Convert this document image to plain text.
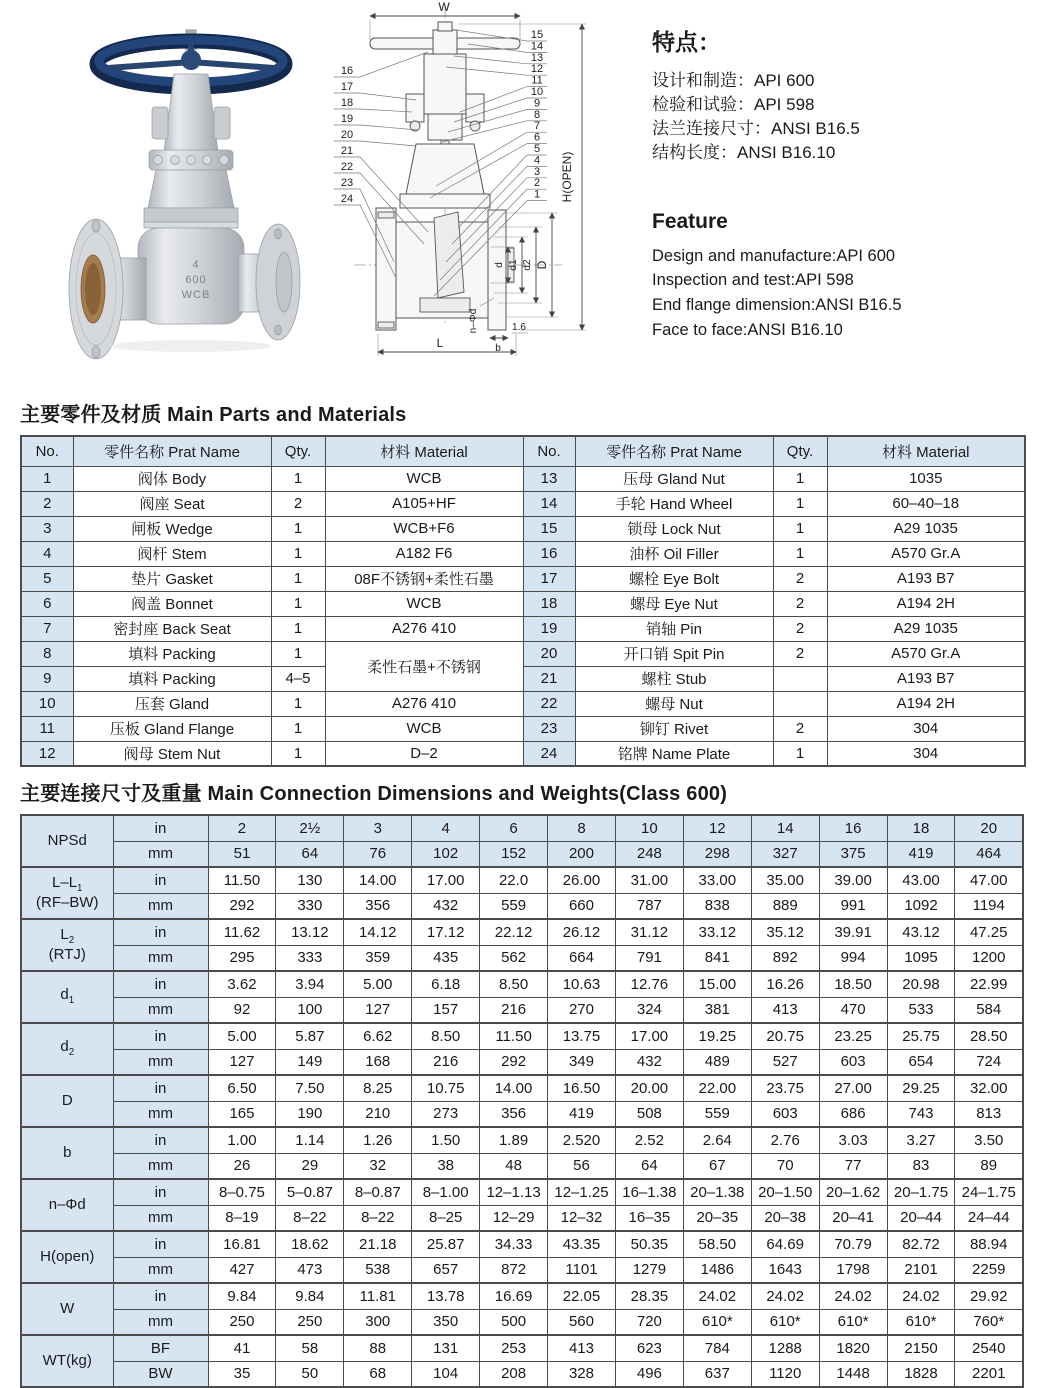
4
600
WCB
W
H(OPEN)
d d1 d2 D
L	b
1.6
n–Φd
15
14
13
12
11
10
9
8
7
6
5
4
3
2
1
16
17
18
19
20
21
22
23
24
特点：
设计和制造：API 600
检验和试验：API 598
法兰连接尺寸：ANSI B16.5
结构长度：ANSI B16.10
Feature
Design and manufacture:API 600
Inspection and test:API 598
End flange dimension:ANSI B16.5
Face to face:ANSI B16.10
主要零件及材质 Main Parts and Materials
No.	零件名称 Prat Name	Qty.	材料 Material	No.	零件名称 Prat Name	Qty.	材料 Material
1	阀体 Body	1	WCB	13	压母 Gland Nut	1	1035
2	阀座 Seat	2	A105+HF	14	手轮 Hand Wheel	1	60–40–18
3	闸板 Wedge	1	WCB+F6	15	锁母 Lock Nut	1	A29 1035
4	阀杆 Stem	1	A182 F6	16	油杯 Oil Filler	1	A570 Gr.A
5	垫片 Gasket	1	08F不锈钢+柔性石墨	17	螺栓 Eye Bolt	2	A193 B7
6	阀盖 Bonnet	1	WCB	18	螺母 Eye Nut	2	A194 2H
7	密封座 Back Seat	1	A276 410	19	销轴 Pin	2	A29 1035
8	填料 Packing	1	柔性石墨+不锈钢	20	开口销 Spit Pin	2	A570 Gr.A
9	填料 Packing	4–5		21	螺柱 Stub		A193 B7
10	压套 Gland	1	A276 410	22	螺母 Nut		A194 2H
11	压板 Gland Flange	1	WCB	23	铆钉 Rivet	2	304
12	阀母 Stem Nut	1	D–2	24	铭牌 Name Plate	1	304
主要连接尺寸及重量 Main Connection Dimensions and Weights(Class 600)
NPSd	in	2	2½	3	4	6	8	10	12	14	16	18	20
	mm	51	64	76	102	152	200	248	298	327	375	419	464
$L-L_1$
(RF–BW)	in	11.50	130	14.00	17.00	22.0	26.00	31.00	33.00	35.00	39.00	43.00	47.00
	mm	292	330	356	432	559	660	787	838	889	991	1092	1194
$L_2$
(RTJ)	in	11.62	13.12	14.12	17.12	22.12	26.12	31.12	33.12	35.12	39.91	43.12	47.25
	mm	295	333	359	435	562	664	791	841	892	994	1095	1200
$d_1$	in	3.62	3.94	5.00	6.18	8.50	10.63	12.76	15.00	16.26	18.50	20.98	22.99
	mm	92	100	127	157	216	270	324	381	413	470	533	584
$d_2$	in	5.00	5.87	6.62	8.50	11.50	13.75	17.00	19.25	20.75	23.25	25.75	28.50
	mm	127	149	168	216	292	349	432	489	527	603	654	724
D	in	6.50	7.50	8.25	10.75	14.00	16.50	20.00	22.00	23.75	27.00	29.25	32.00
	mm	165	190	210	273	356	419	508	559	603	686	743	813
b	in	1.00	1.14	1.26	1.50	1.89	2.520	2.52	2.64	2.76	3.03	3.27	3.50
	mm	26	29	32	38	48	56	64	67	70	77	83	89
n–Φd	in	8–0.75	5–0.87	8–0.87	8–1.00	12–1.13	12–1.25	16–1.38	20–1.38	20–1.50	20–1.62	20–1.75	24–1.75
	mm	8–19	8–22	8–22	8–25	12–29	12–32	16–35	20–35	20–38	20–41	20–44	24–44
H(open)	in	16.81	18.62	21.18	25.87	34.33	43.35	50.35	58.50	64.69	70.79	82.72	88.94
	mm	427	473	538	657	872	1101	1279	1486	1643	1798	2101	2259
W	in	9.84	9.84	11.81	13.78	16.69	22.05	28.35	24.02	24.02	24.02	24.02	29.92
	mm	250	250	300	350	500	560	720	610*	610*	610*	610*	760*
WT(kg)	BF	41	58	88	131	253	413	623	784	1288	1820	2150	2540
	BW	35	50	68	104	208	328	496	637	1120	1448	1828	2201
